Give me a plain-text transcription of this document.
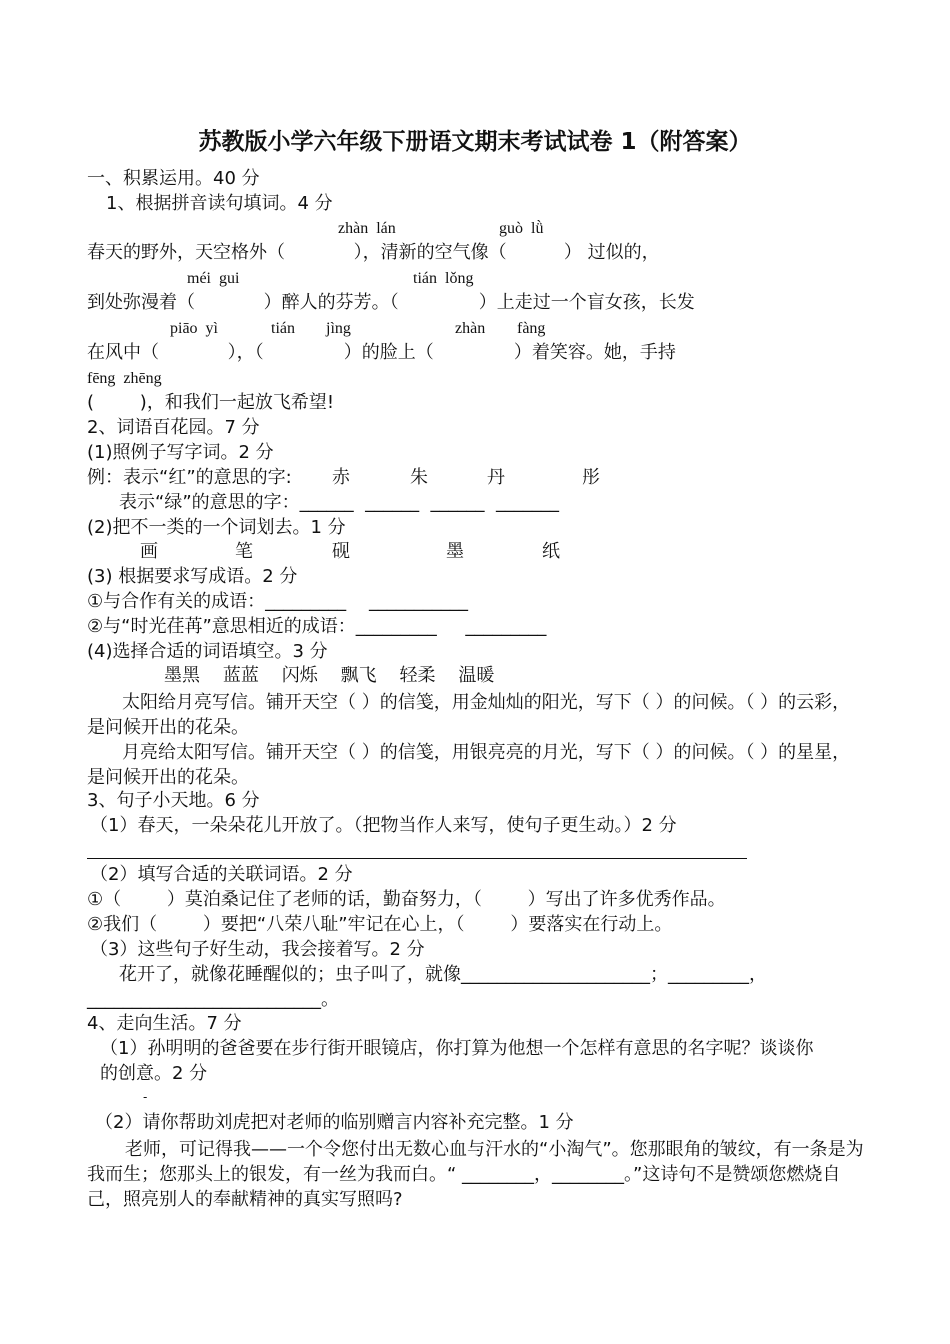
苏教版小学六年级下册语文期末考试试卷 1（附答案）
一、积累运用。40 分
1、根据拼音读句填词。4 分
zhàn  lán	guò  lǜ
春天的野外，天空格外（            ），清新的空气像（          ） 过似的，
méi  gui	tián  lǒng
到处弥漫着（            ）醉人的芬芳。（              ）上走过一个盲女孩，长发
piāo  yì	tián jìng	zhàn fàng
在风中（            ），（              ）的脸上（              ）着笑容。她，手持
fēng  zhēng
(        )，和我们一起放飞希望!
2、词语百花园。7 分
(1)照例子写字词。2 分
例：表示“红”的意思的字: 赤	朱	丹	彤
表示“绿”的意思的字：______  ______  ______  _______
(2)把不一类的一个词划去。1 分
画	笔	砚	墨	纸
(3) 根据要求写成语。2 分
①与合作有关的成语：_________    ___________
②与“时光荏苒”意思相近的成语：_________     _________
(4)选择合适的词语填空。3 分
墨黑    蓝蓝    闪烁    飘飞    轻柔    温暖
太阳给月亮写信。铺开天空（ ）的信笺，用金灿灿的阳光，写下（ ）的问候。（ ）的云彩，是问候开出的花朵。
月亮给太阳写信。铺开天空（ ）的信笺，用银亮亮的月光，写下（ ）的问候。（ ）的星星，是问候开出的花朵。
3、句子小天地。6 分
（1）春天，一朵朵花儿开放了。（把物当作人来写，使句子更生动。）2 分
（2）填写合适的关联词语。2 分
①（        ）莫泊桑记住了老师的话，勤奋努力，（        ）写出了许多优秀作品。
②我们（        ）要把“八荣八耻”牢记在心上，（        ）要落实在行动上。
（3）这些句子好生动，我会接着写。2 分
花开了，就像花睡醒似的；虫子叫了，就像_____________________；_________，
__________________________。
4、走向生活。7 分
（1）孙明明的爸爸要在步行街开眼镜店，你打算为他想一个怎样有意思的名字呢？谈谈你
的创意。2 分
-
（2）请你帮助刘虎把对老师的临别赠言内容补充完整。1 分
老师，可记得我——一个令您付出无数心血与汗水的“小淘气”。您那眼角的皱纹，有一条是为我而生；您那头上的银发，有一丝为我而白。“ ________，________。”这诗句不是赞颂您燃烧自己，照亮别人的奉献精神的真实写照吗?
